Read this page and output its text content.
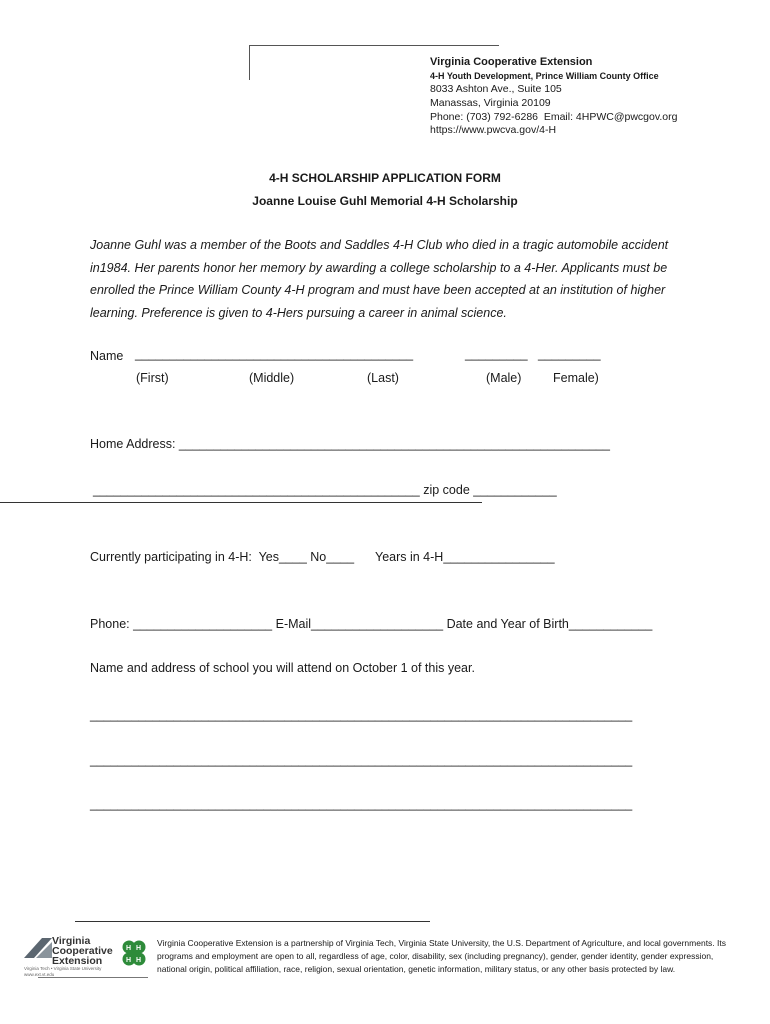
Virginia Cooperative Extension
4-H Youth Development, Prince William County Office
8033 Ashton Ave., Suite 105
Manassas, Virginia 20109
Phone: (703) 792-6286  Email: 4HPWC@pwcgov.org
https://www.pwcva.gov/4-H
4-H SCHOLARSHIP APPLICATION FORM
Joanne Louise Guhl Memorial 4-H Scholarship
Joanne Guhl was a member of the Boots and Saddles 4-H Club who died in a tragic automobile accident in1984. Her parents honor her memory by awarding a college scholarship to a 4-Her. Applicants must be enrolled the Prince William County 4-H program and must have been accepted at an institution of higher learning. Preference is given to 4-Hers pursuing a career in animal science.
Name ________________________________________	_________ _________
(First)	(Middle)	(Last)	(Male)	Female)
Home Address: ______________________________________________________________
_______________________________________________ zip code ____________
Currently participating in 4-H:  Yes____ No____ Years in 4-H________________
Phone: ____________________ E-Mail___________________ Date and Year of Birth____________
Name and address of school you will attend on October 1 of this year.
______________________________________________________________________________
______________________________________________________________________________
______________________________________________________________________________
Virginia
Cooperative
Extension
Virginia Tech • Virginia State University
www.ext.vt.edu
H H
H H
Virginia Cooperative Extension is a partnership of Virginia Tech, Virginia State University, the U.S. Department of Agriculture, and local governments. Its programs and employment are open to all, regardless of age, color, disability, sex (including pregnancy), gender, gender identity, gender expression, national origin, political affiliation, race, religion, sexual orientation, genetic information, military status, or any other basis protected by law.
